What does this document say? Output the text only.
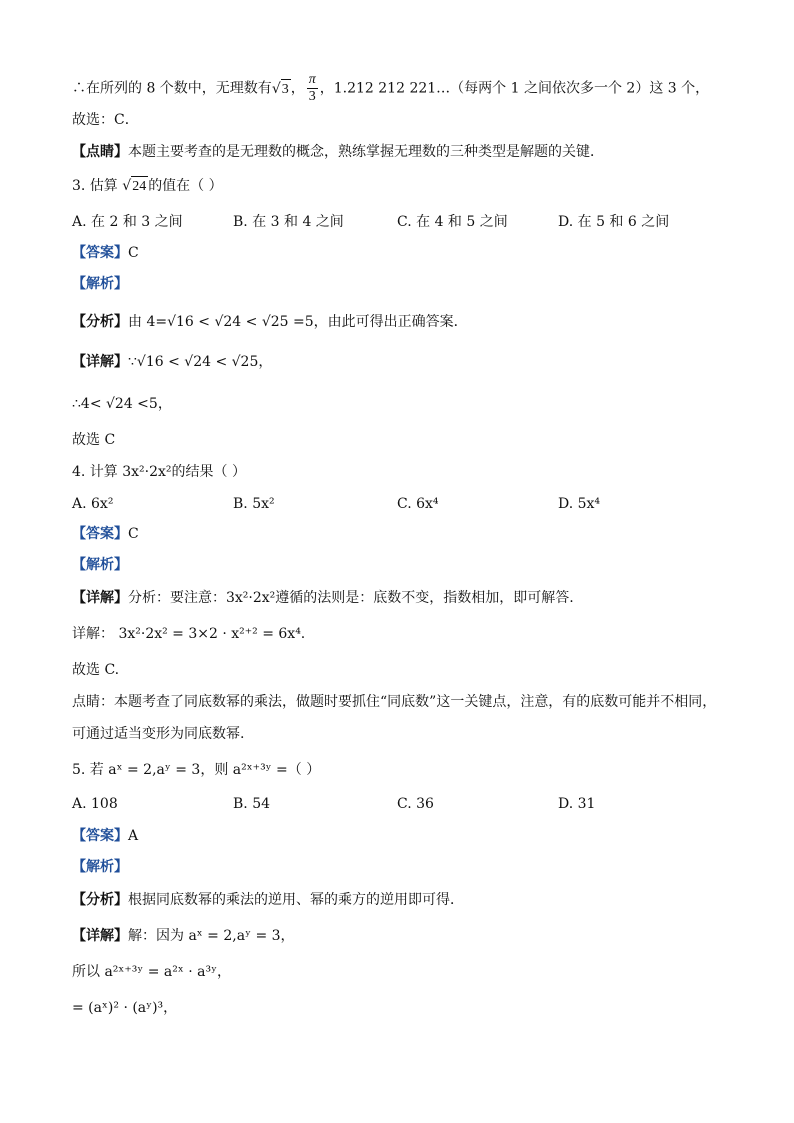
∴在所列的 8 个数中，无理数有√3 ， $\frac{\pi}{3}$ ，1.212 212 221…（每两个 1 之间依次多一个 2）这 3 个，
故选：C．
【点睛】本题主要考查的是无理数的概念，熟练掌握无理数的三种类型是解题的关键．
3. 估算 √24 的值在（ ）
A. 在 2 和 3 之间	B. 在 3 和 4 之间	C. 在 4 和 5 之间	D. 在 5 和 6 之间
【答案】C
【解析】
【分析】由 4=√16 < √24 < √25 =5，由此可得出正确答案．
【详解】∵√16 < √24 < √25，
∴4< √24 <5，
故选 C
4. 计算 3x²·2x²的结果（ ）
A. 6x²	B. 5x²	C. 6x⁴	D. 5x⁴
【答案】C
【解析】
【详解】分析：要注意：3x²·2x²遵循的法则是：底数不变，指数相加，即可解答.
详解： 3x²·2x² = 3×2 · x²⁺² = 6x⁴.
故选 C.
点睛：本题考查了同底数幂的乘法，做题时要抓住“同底数”这一关键点，注意，有的底数可能并不相同，
可通过适当变形为同底数幂.
5. 若 aˣ = 2,aʸ = 3，则 a²ˣ⁺³ʸ =（ ）
A. 108	B. 54	C. 36	D. 31
【答案】A
【解析】
【分析】根据同底数幂的乘法的逆用、幂的乘方的逆用即可得．
【详解】解：因为 aˣ = 2,aʸ = 3，
所以 a²ˣ⁺³ʸ = a²ˣ · a³ʸ，
= (aˣ)² · (aʸ)³，
